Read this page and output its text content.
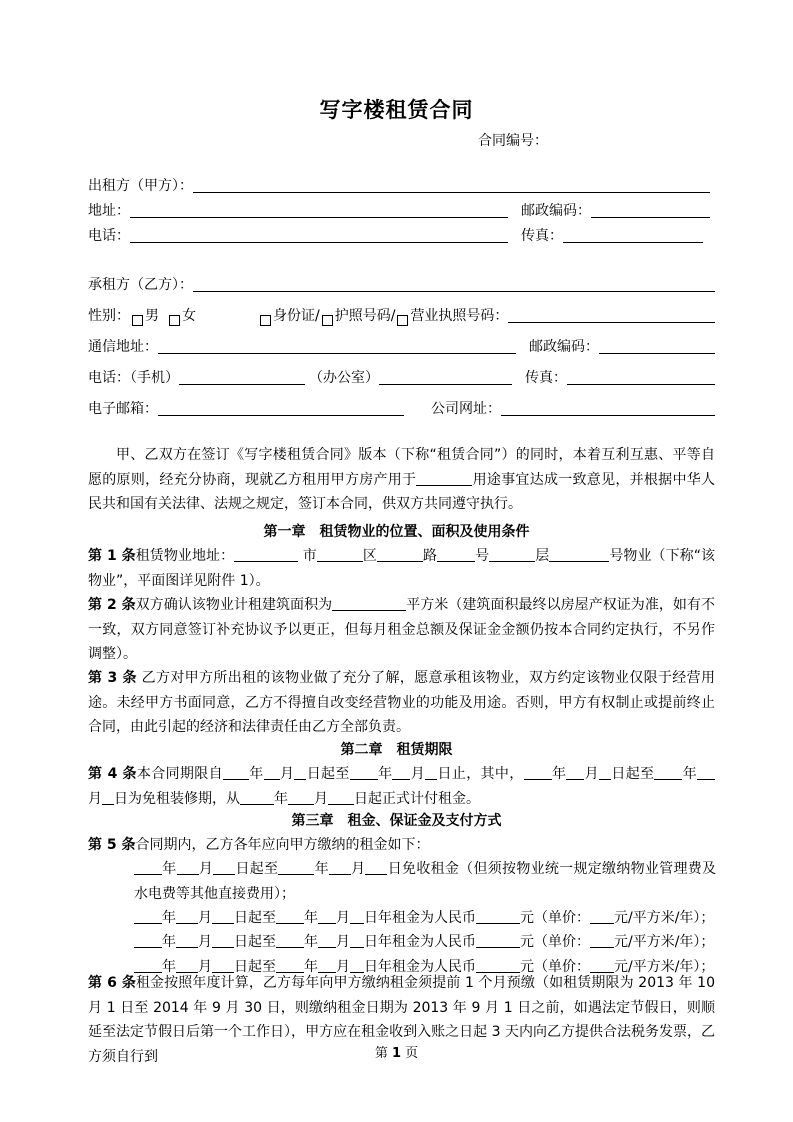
写字楼租赁合同
合同编号：
出租方（甲方）：
地址：	邮政编码：
电话：	传真：
承租方（乙方）：
性别： 男 女	身份证/ 护照号码/ 营业执照号码：
通信地址：	邮政编码：
电话：（手机）	（办公室）	传真：
电子邮箱：	公司网址：
甲、乙双方在签订《写字楼租赁合同》版本（下称“租赁合同”）的同时，本着互利互惠、平等自愿的原则，经充分协商，现就乙方租用甲方房产用于	用途事宜达成一致意见，并根据中华人民共和国有关法律、法规之规定，签订本合同，供双方共同遵守执行。
第一章　租赁物业的位置、面积及使用条件
第 1 条租赁物业地址：	市	区	路	号	层	号物业（下称“该物业”，平面图详见附件 1）。
第 2 条双方确认该物业计租建筑面积为	平方米（建筑面积最终以房屋产权证为准，如有不一致，双方同意签订补充协议予以更正，但每月租金总额及保证金金额仍按本合同约定执行，不另作调整）。
第 3 条 乙方对甲方所出租的该物业做了充分了解，愿意承租该物业，双方约定该物业仅限于经营用途。未经甲方书面同意，乙方不得擅自改变经营物业的功能及用途。否则，甲方有权制止或提前终止合同，由此引起的经济和法律责任由乙方全部负责。
第二章　租赁期限
第 4 条本合同期限自 年 月 日起至 年 月 日止，其中， 年 月 日起至 年月 日为免租装修期，从 年 月 日起正式计付租金。
第三章　租金、保证金及支付方式
第 5 条合同期内，乙方各年应向甲方缴纳的租金如下：
年 月 日起至	年 月 日免收租金（但须按物业统一规定缴纳物业管理费及水电费等其他直接费用）；
年 月 日起至 年 月 日年租金为人民币	元（单价： 元/平方米/年）；
年 月 日起至 年 月 日年租金为人民币	元（单价： 元/平方米/年）；
年 月 日起至 年 月 日年租金为人民币	元（单价： 元/平方米/年）；
第 6 条租金按照年度计算，乙方每年向甲方缴纳租金须提前 1 个月预缴（如租赁期限为 2013 年 10 月 1 日至 2014 年 9 月 30 日，则缴纳租金日期为 2013 年 9 月 1 日之前，如遇法定节假日，则顺延至法定节假日后第一个工作日），甲方应在租金收到入账之日起 3 天内向乙方提供合法税务发票，乙方须自行到	第 1 页
